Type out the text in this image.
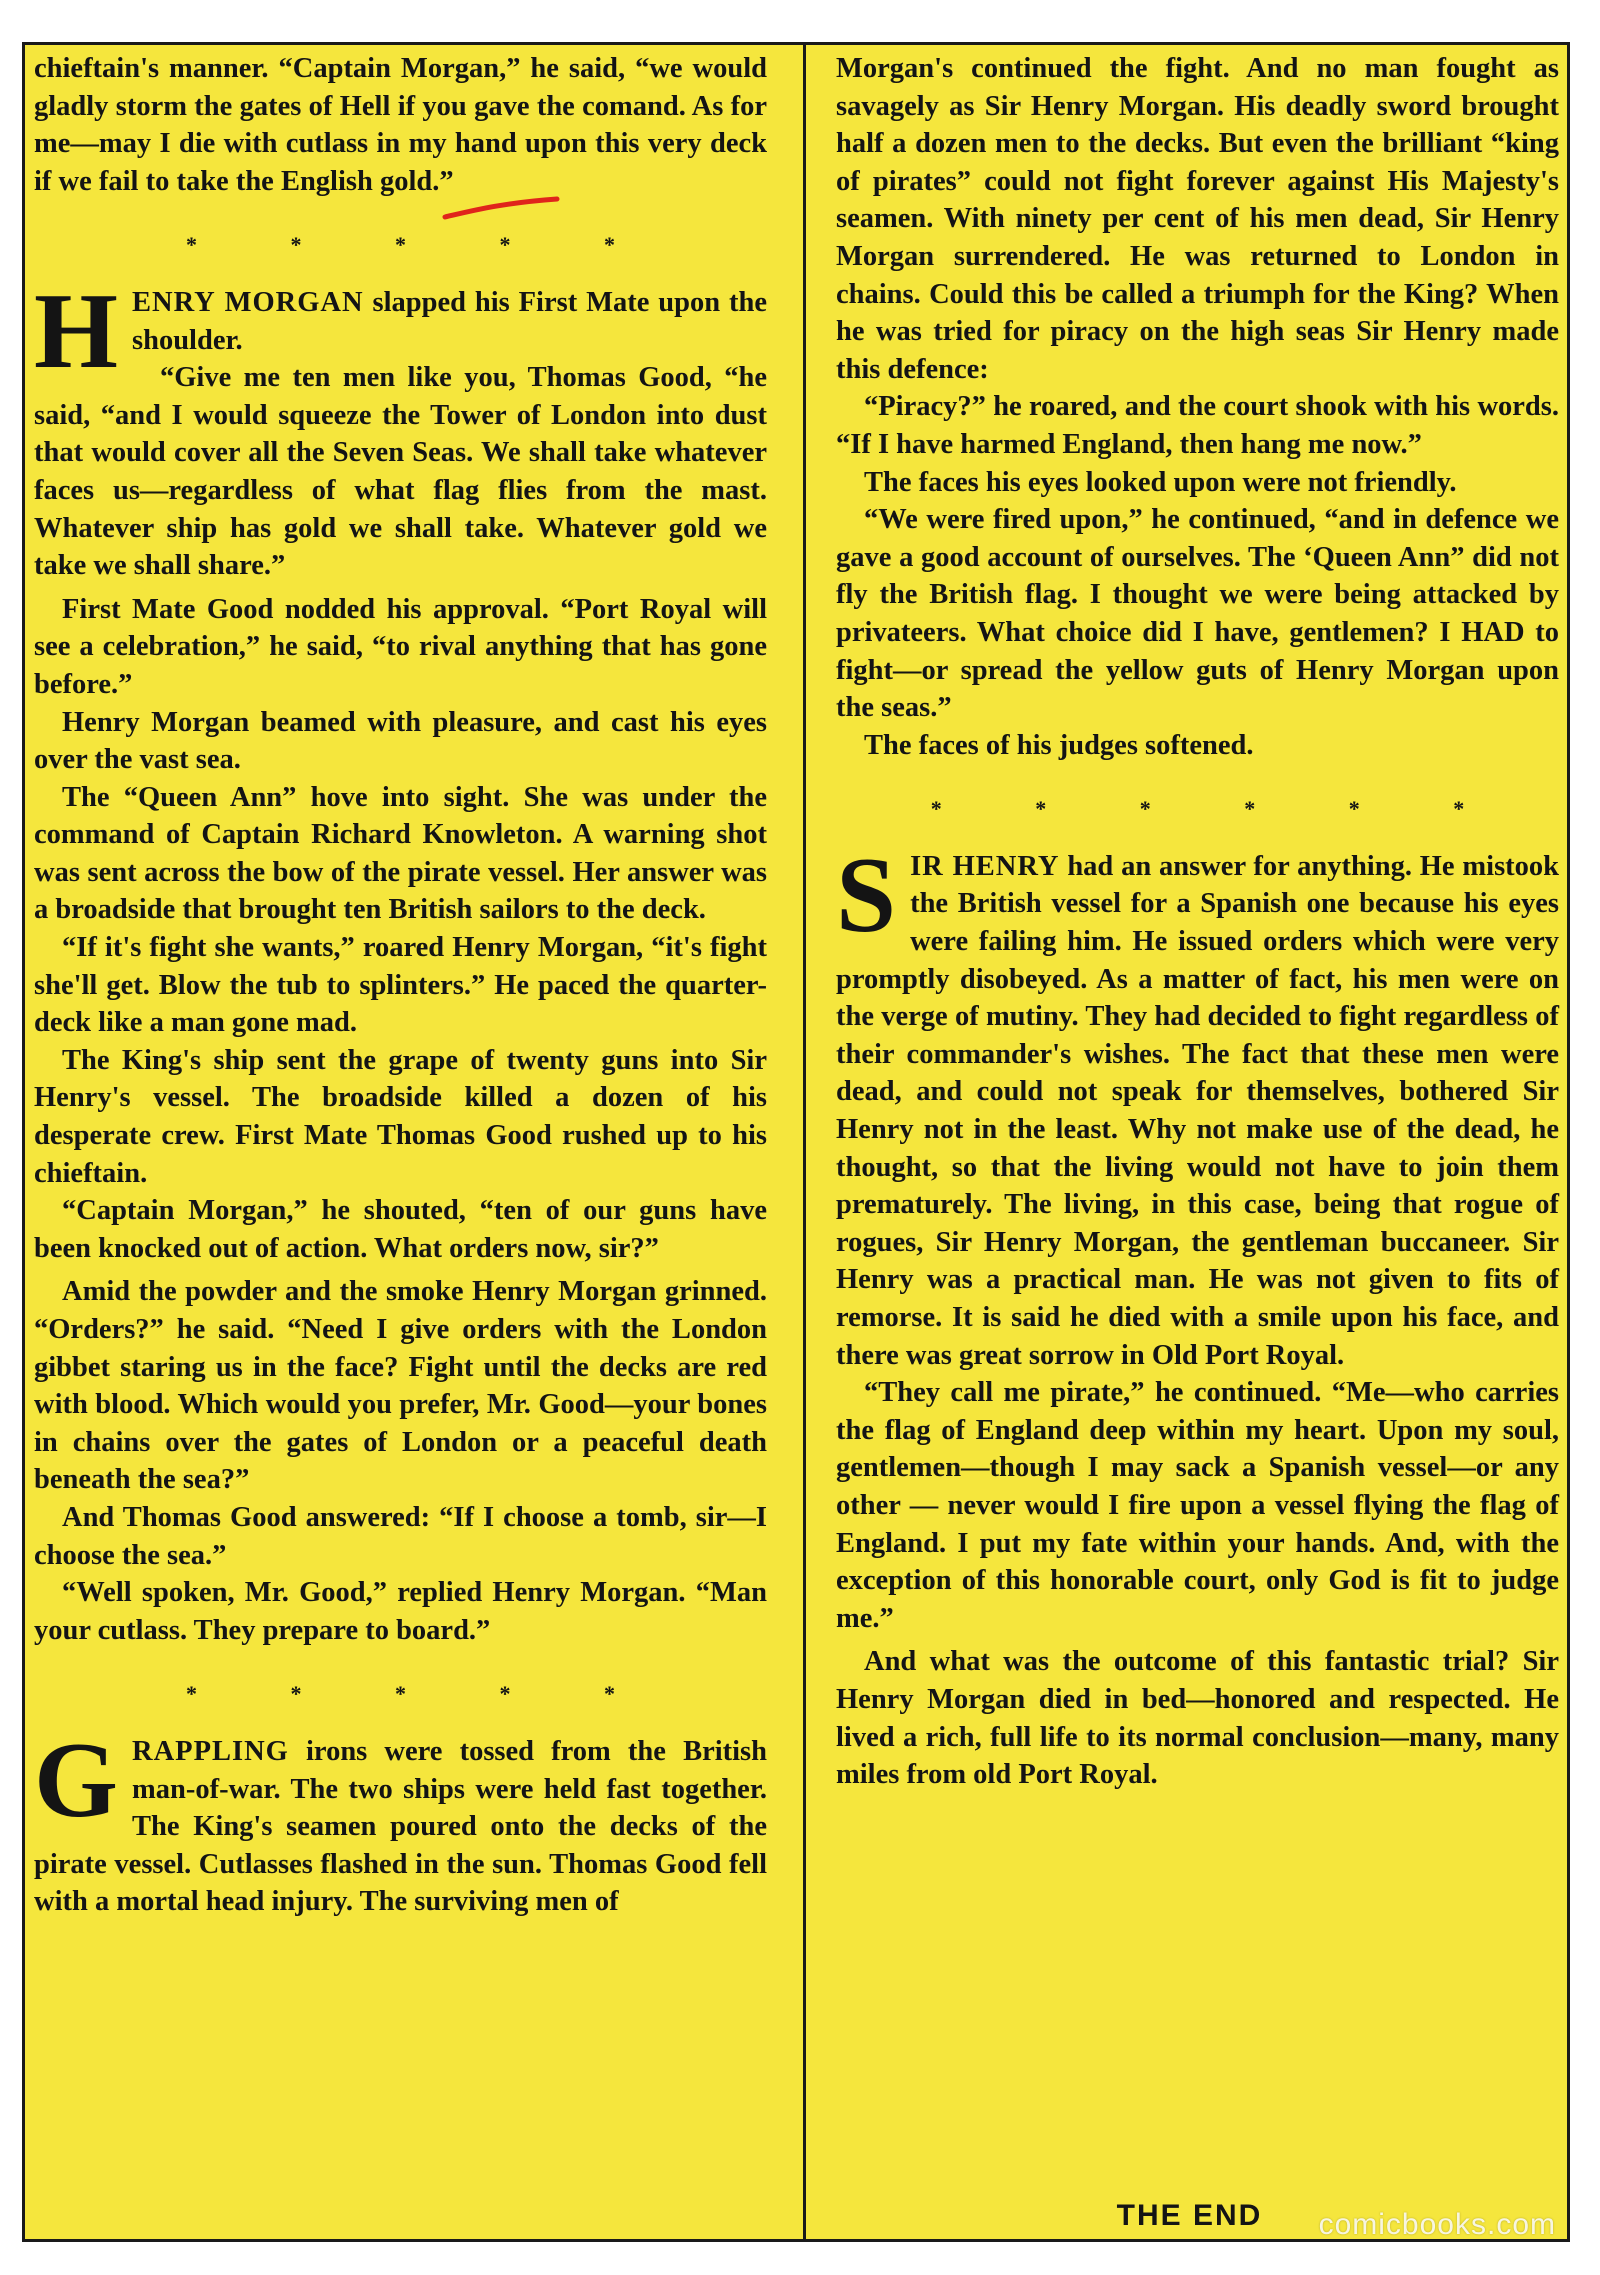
chieftain's manner. “Captain Morgan,” he said, “we would gladly storm the gates of Hell if you gave the comand. As for me—may I die with cutlass in my hand upon this very deck if we fail to take the English gold.”

* * * * *

HENRY MORGAN slapped his First Mate upon the shoulder.

“Give me ten men like you, Thomas Good, “he said, “and I would squeeze the Tower of London into dust that would cover all the Seven Seas. We shall take whatever faces us—regardless of what flag flies from the mast. Whatever ship has gold we shall take. Whatever gold we take we shall share.”

First Mate Good nodded his approval. “Port Royal will see a celebration,” he said, “to rival anything that has gone before.”

Henry Morgan beamed with pleasure, and cast his eyes over the vast sea.

The “Queen Ann” hove into sight. She was under the command of Captain Richard Knowleton. A warning shot was sent across the bow of the pirate vessel. Her answer was a broadside that brought ten British sailors to the deck.

“If it's fight she wants,” roared Henry Morgan, “it's fight she'll get. Blow the tub to splinters.” He paced the quarter-deck like a man gone mad.

The King's ship sent the grape of twenty guns into Sir Henry's vessel. The broadside killed a dozen of his desperate crew. First Mate Thomas Good rushed up to his chieftain.

“Captain Morgan,” he shouted, “ten of our guns have been knocked out of action. What orders now, sir?”

Amid the powder and the smoke Henry Morgan grinned. “Orders?” he said. “Need I give orders with the London gibbet staring us in the face? Fight until the decks are red with blood. Which would you prefer, Mr. Good—your bones in chains over the gates of London or a peaceful death beneath the sea?”

And Thomas Good answered: “If I choose a tomb, sir—I choose the sea.”

“Well spoken, Mr. Good,” replied Henry Morgan. “Man your cutlass. They prepare to board.”

* * * * *

GRAPPLING irons were tossed from the British man-of-war. The two ships were held fast together. The King's seamen poured onto the decks of the pirate vessel. Cutlasses flashed in the sun. Thomas Good fell with a mortal head injury. The surviving men of

Morgan's continued the fight. And no man fought as savagely as Sir Henry Morgan. His deadly sword brought half a dozen men to the decks. But even the brilliant “king of pirates” could not fight forever against His Majesty's seamen. With ninety per cent of his men dead, Sir Henry Morgan surrendered. He was returned to London in chains. Could this be called a triumph for the King? When he was tried for piracy on the high seas Sir Henry made this defence:

“Piracy?” he roared, and the court shook with his words. “If I have harmed England, then hang me now.”

The faces his eyes looked upon were not friendly.

“We were fired upon,” he continued, “and in defence we gave a good account of ourselves. The ‘Queen Ann” did not fly the British flag. I thought we were being attacked by privateers. What choice did I have, gentlemen? I HAD to fight—or spread the yellow guts of Henry Morgan upon the seas.”

The faces of his judges softened.

* * * * * *

SIR HENRY had an answer for anything. He mistook the British vessel for a Spanish one because his eyes were failing him. He issued orders which were very promptly disobeyed. As a matter of fact, his men were on the verge of mutiny. They had decided to fight regardless of their commander's wishes. The fact that these men were dead, and could not speak for themselves, bothered Sir Henry not in the least. Why not make use of the dead, he thought, so that the living would not have to join them prematurely. The living, in this case, being that rogue of rogues, Sir Henry Morgan, the gentleman buccaneer. Sir Henry was a practical man. He was not given to fits of remorse. It is said he died with a smile upon his face, and there was great sorrow in Old Port Royal.

“They call me pirate,” he continued. “Me—who carries the flag of England deep within my heart. Upon my soul, gentlemen—though I may sack a Spanish vessel—or any other — never would I fire upon a vessel flying the flag of England. I put my fate within your hands. And, with the exception of this honorable court, only God is fit to judge me.”

And what was the outcome of this fantastic trial? Sir Henry Morgan died in bed—honored and respected. He lived a rich, full life to its normal conclusion—many, many miles from old Port Royal.

THE END	comicbooks.com
